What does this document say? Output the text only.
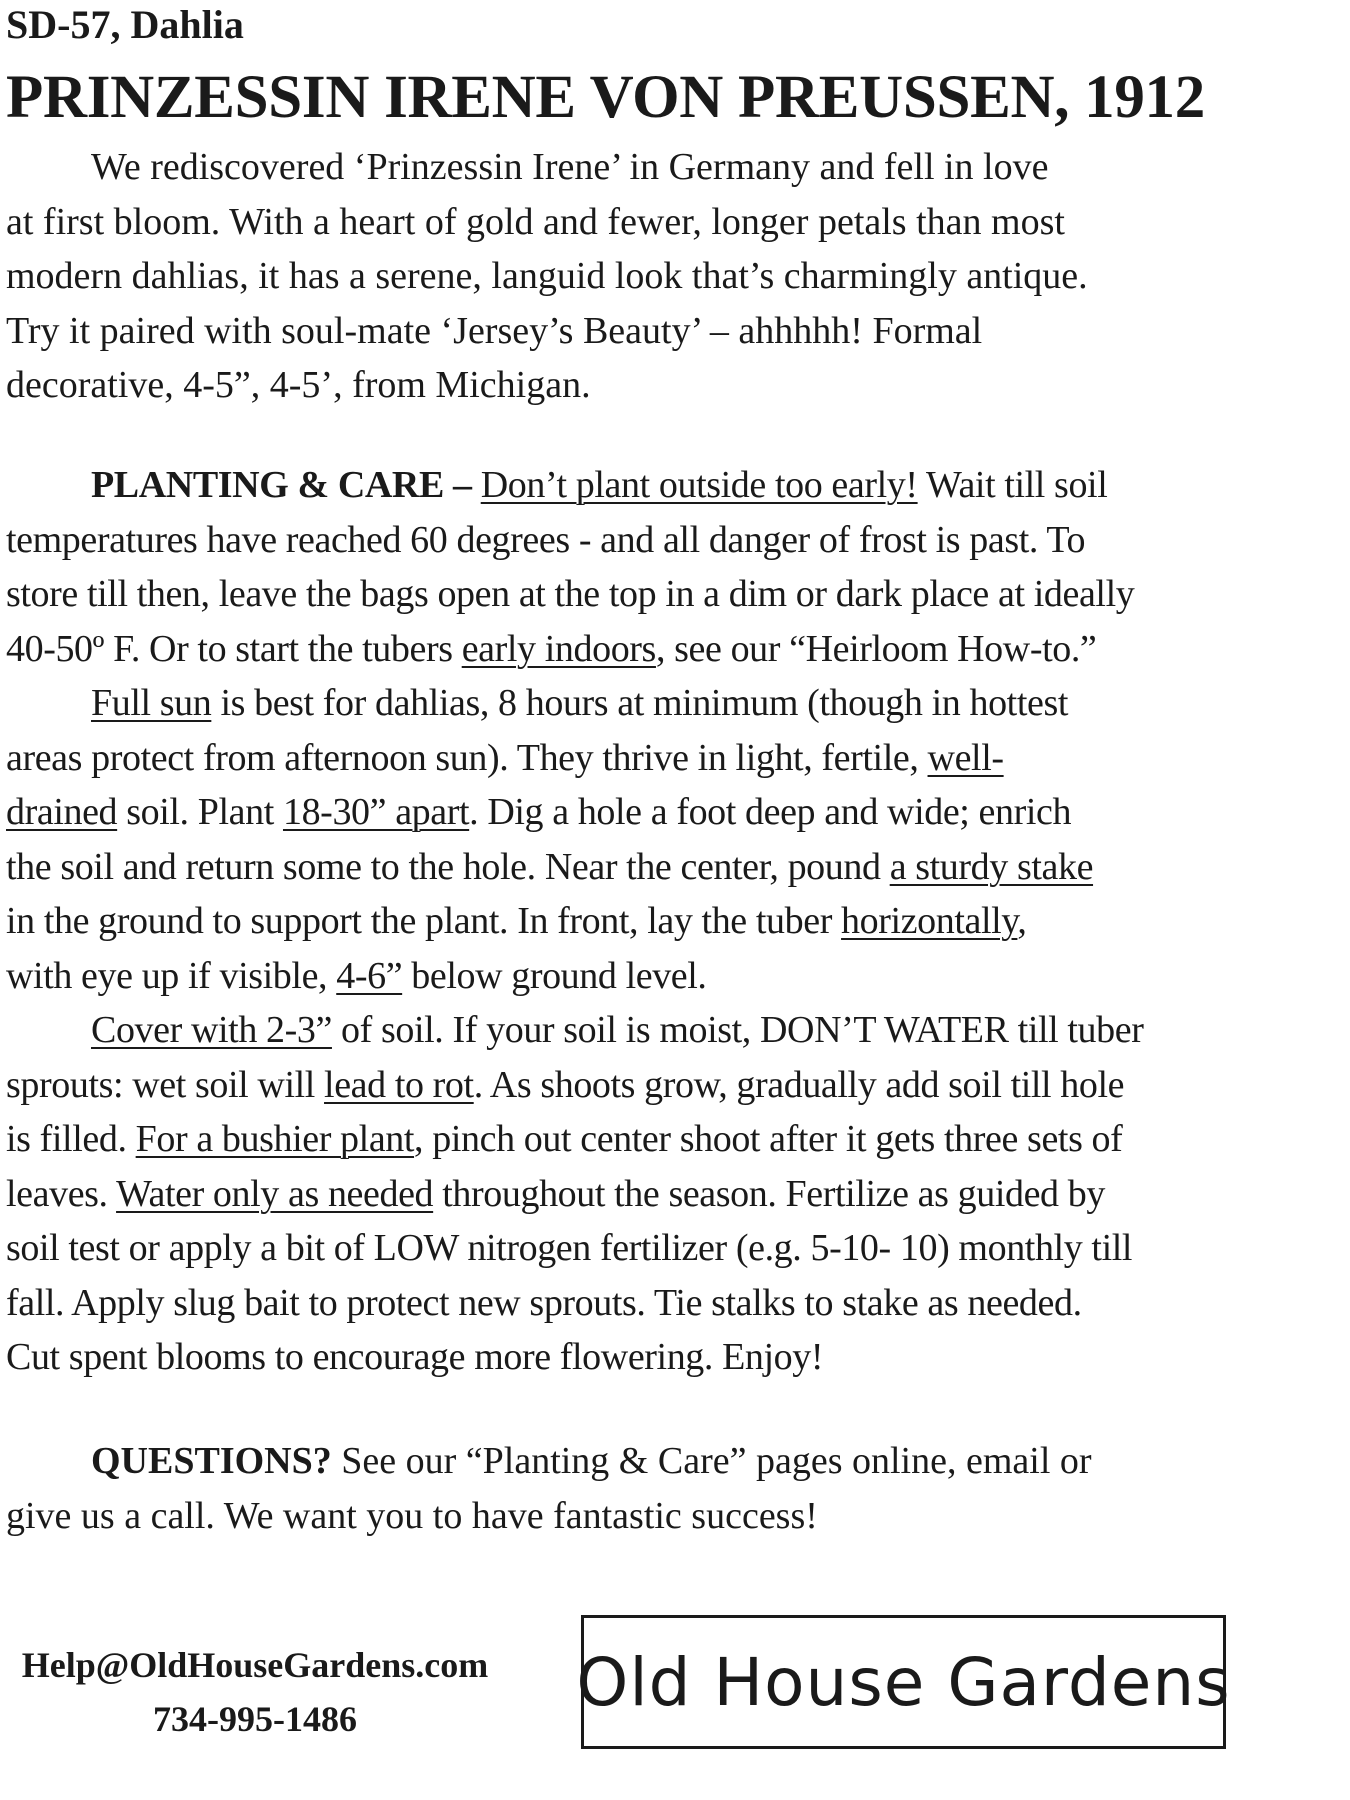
SD-57, Dahlia
PRINZESSIN IRENE VON PREUSSEN, 1912
We rediscovered ‘Prinzessin Irene’ in Germany and fell in love
at first bloom. With a heart of gold and fewer, longer petals than most
modern dahlias, it has a serene, languid look that’s charmingly antique.
Try it paired with soul-mate ‘Jersey’s Beauty’ – ahhhhh! Formal
decorative, 4-5”, 4-5’, from Michigan.
PLANTING & CARE – Don’t plant outside too early! Wait till soil
temperatures have reached 60 degrees - and all danger of frost is past. To
store till then, leave the bags open at the top in a dim or dark place at ideally
40-50º F. Or to start the tubers early indoors, see our “Heirloom How-to.”
Full sun is best for dahlias, 8 hours at minimum (though in hottest
areas protect from afternoon sun). They thrive in light, fertile, well-
drained soil. Plant 18-30” apart. Dig a hole a foot deep and wide; enrich
the soil and return some to the hole. Near the center, pound a sturdy stake
in the ground to support the plant. In front, lay the tuber horizontally,
with eye up if visible, 4-6” below ground level.
Cover with 2-3” of soil. If your soil is moist, DON’T WATER till tuber
sprouts: wet soil will lead to rot. As shoots grow, gradually add soil till hole
is filled. For a bushier plant, pinch out center shoot after it gets three sets of
leaves. Water only as needed throughout the season. Fertilize as guided by
soil test or apply a bit of LOW nitrogen fertilizer (e.g. 5-10- 10) monthly till
fall. Apply slug bait to protect new sprouts. Tie stalks to stake as needed.
Cut spent blooms to encourage more flowering. Enjoy!
QUESTIONS? See our “Planting & Care” pages online, email or
give us a call. We want you to have fantastic success!
Help@OldHouseGardens.com
734-995-1486	Old House Gardens
